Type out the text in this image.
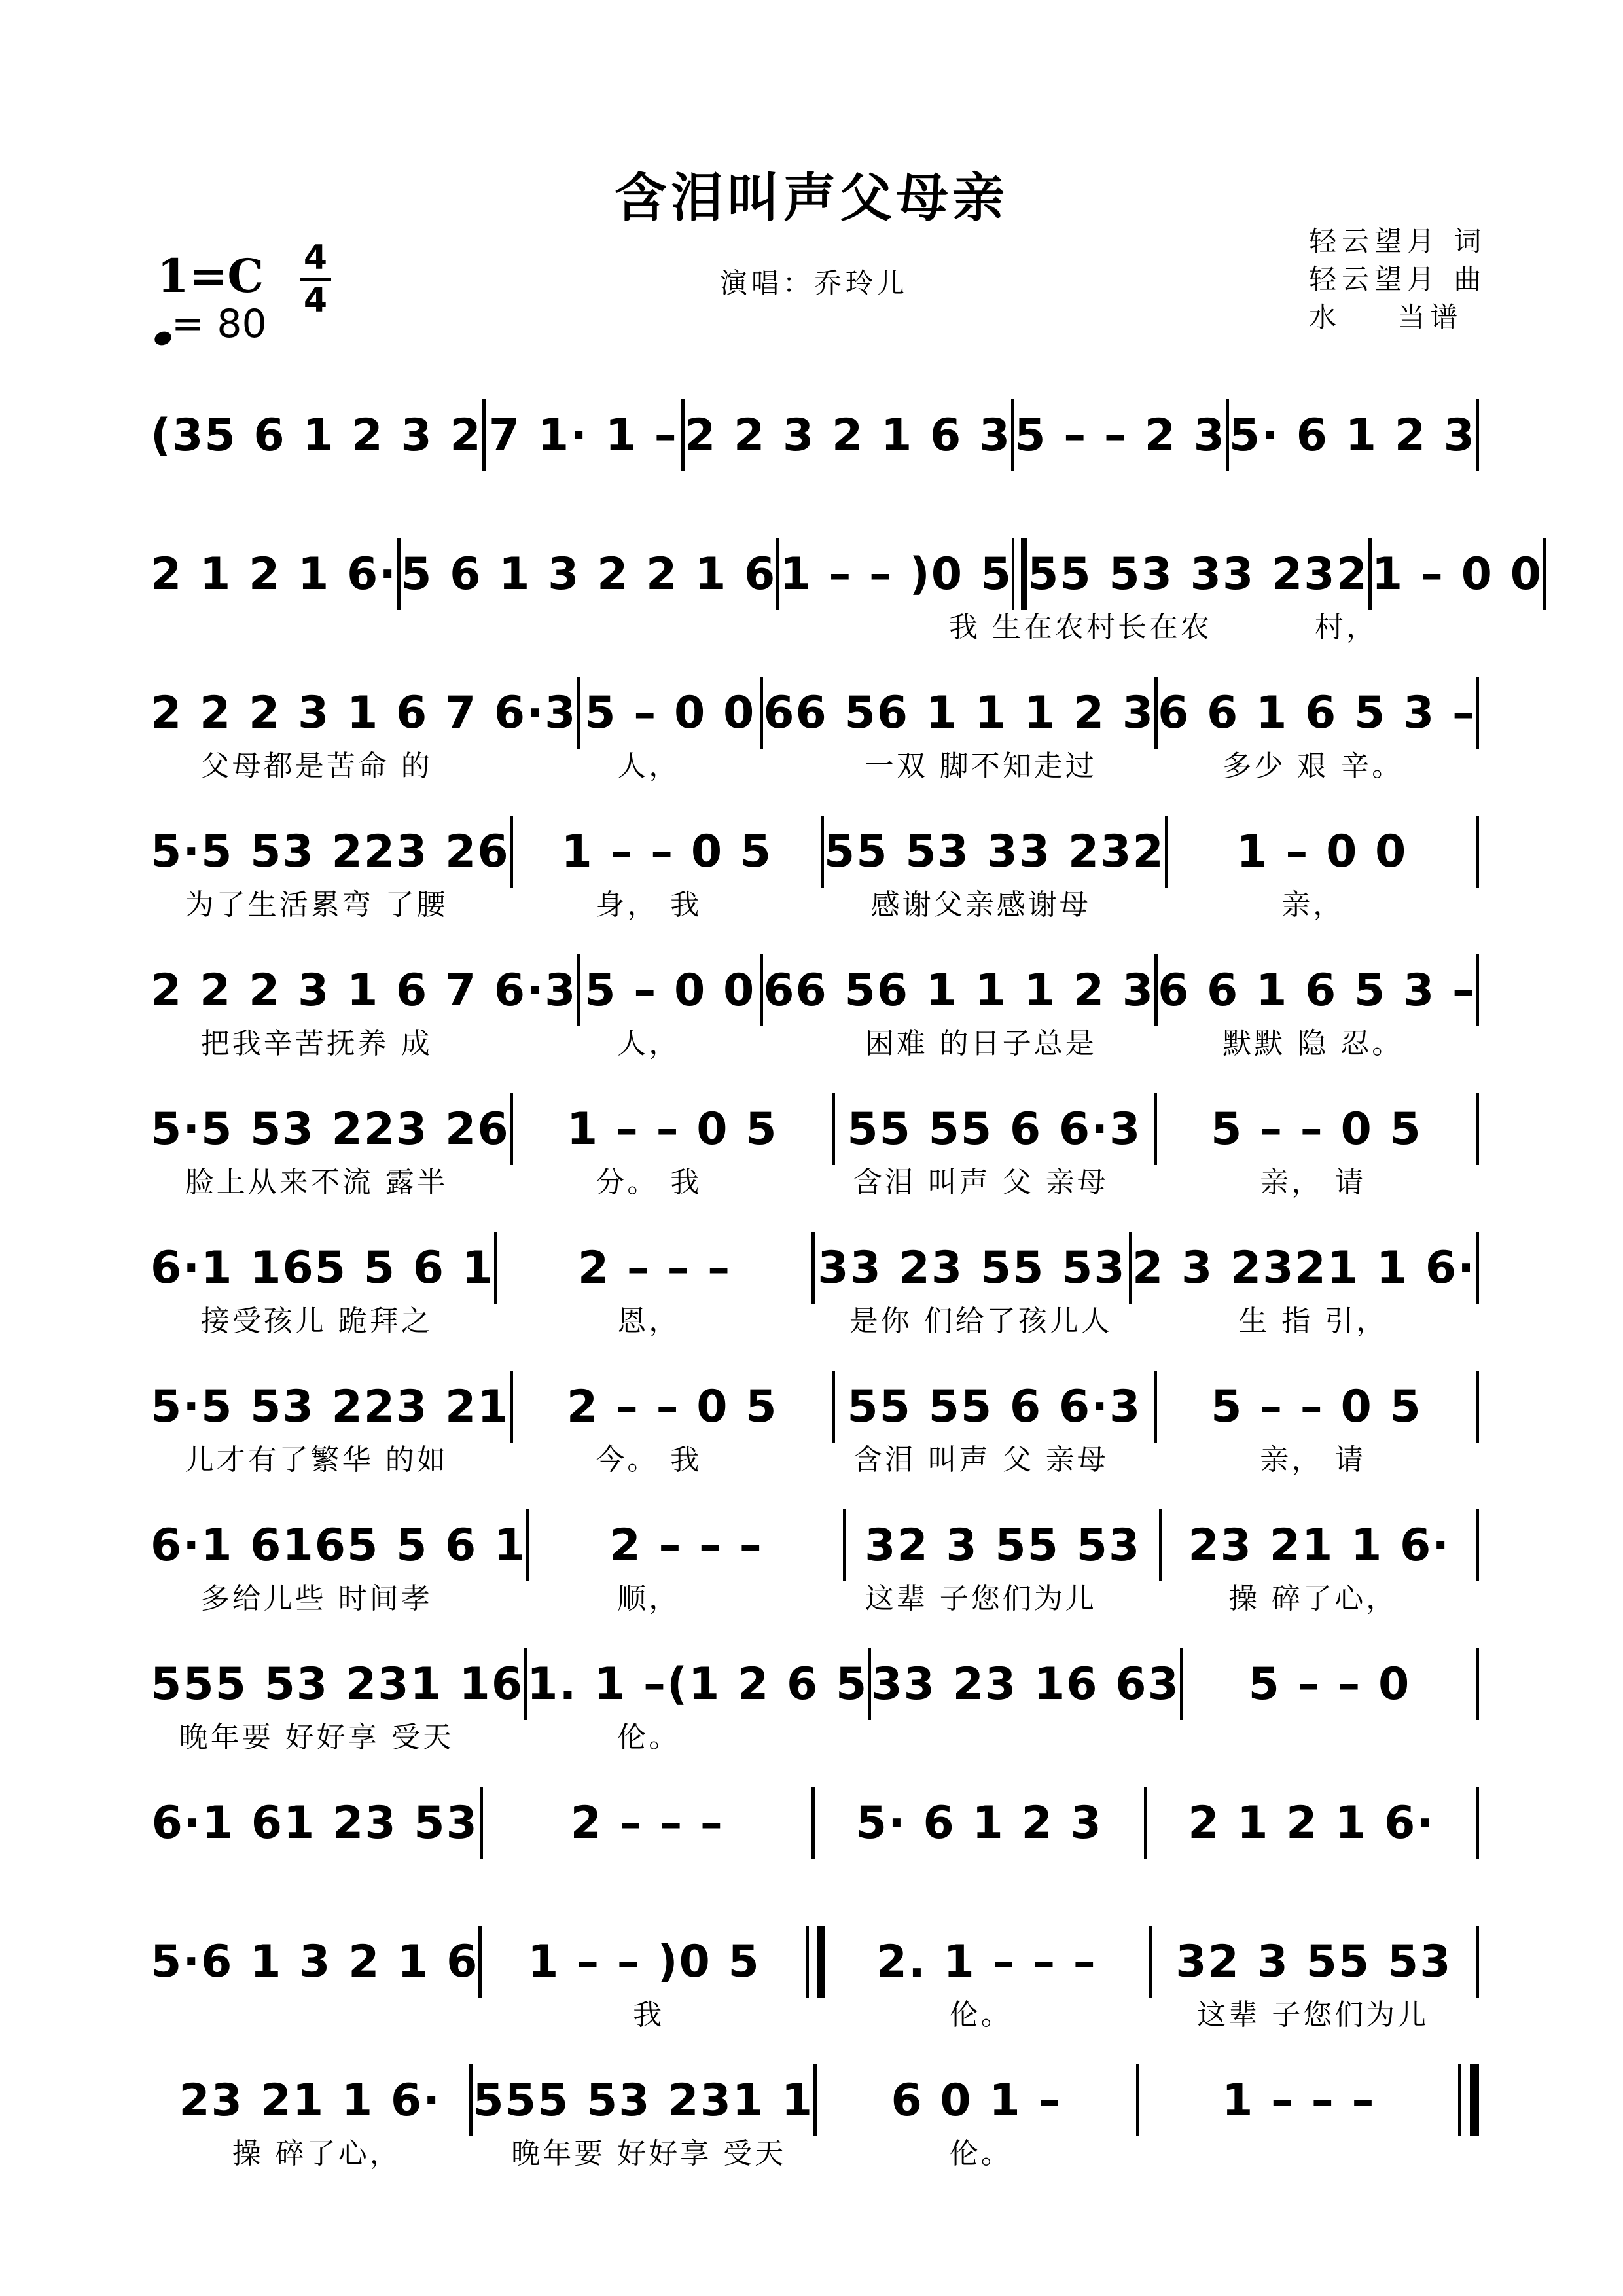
含泪叫声父母亲
1=C 4
4
= 80
演唱：乔玲儿
轻云望月 词
轻云望月 曲
水    当谱
(35 6 1 2 3 2 7 1· 1 – 2 2 3 2 1 6 3 5 – – 2 3 5· 6 1 2 3
2 1 2 1 6· 5 6 1 3 2 2 1 6 1 – – )0 5 55 53 33 232 1 – 0 0
我 生在农村长在农	村，
2 2 2 3 1 6 7 6·3 5 – 0 0 66 56 1 1 1 2 3 6 6 1 6 5 3 –
父母都是苦命 的	人，	一双 脚不知走过	多少 艰 辛。
5·5 53 223 26	1 – – 0 5	55 53 33 232	1 – 0 0
为了生活累弯 了腰	身， 我	感谢父亲感谢母	亲，
2 2 2 3 1 6 7 6·3 5 – 0 0 66 56 1 1 1 2 3 6 6 1 6 5 3 –
把我辛苦抚养 成	人，	困难 的日子总是	默默 隐 忍。
5·5 53 223 26	1 – – 0 5	55 55 6 6·3	5 – – 0 5
脸上从来不流 露半	分。 我	含泪 叫声 父 亲母	亲， 请
6·1 165 5 6 1	2 – – –	33 23 55 53 2 3 2321 1 6·
接受孩儿 跪拜之	恩，	是你 们给了孩儿人	生 指 引，
5·5 53 223 21	2 – – 0 5	55 55 6 6·3	5 – – 0 5
儿才有了繁华 的如	今。 我	含泪 叫声 父 亲母	亲， 请
6·1 6165 5 6 1	2 – – –	32 3 55 53	23 21 1 6·
多给儿些 时间孝	顺，	这辈 子您们为儿	操 碎了心，
555 53 231 16 1. 1 –(1 2 6 5 33 23 16 63	5 – – 0
晚年要 好好享 受天	伦。
6·1 61 23 53	2 – – –	5· 6 1 2 3	2 1 2 1 6·
5·6 1 3 2 1 6	1 – – )0 5	2. 1 – – –	32 3 55 53
我	伦。	这辈 子您们为儿
23 21 1 6· 555 53 231 1	6 0 1 –	1 – – –
操 碎了心，	晚年要 好好享 受天	伦。
